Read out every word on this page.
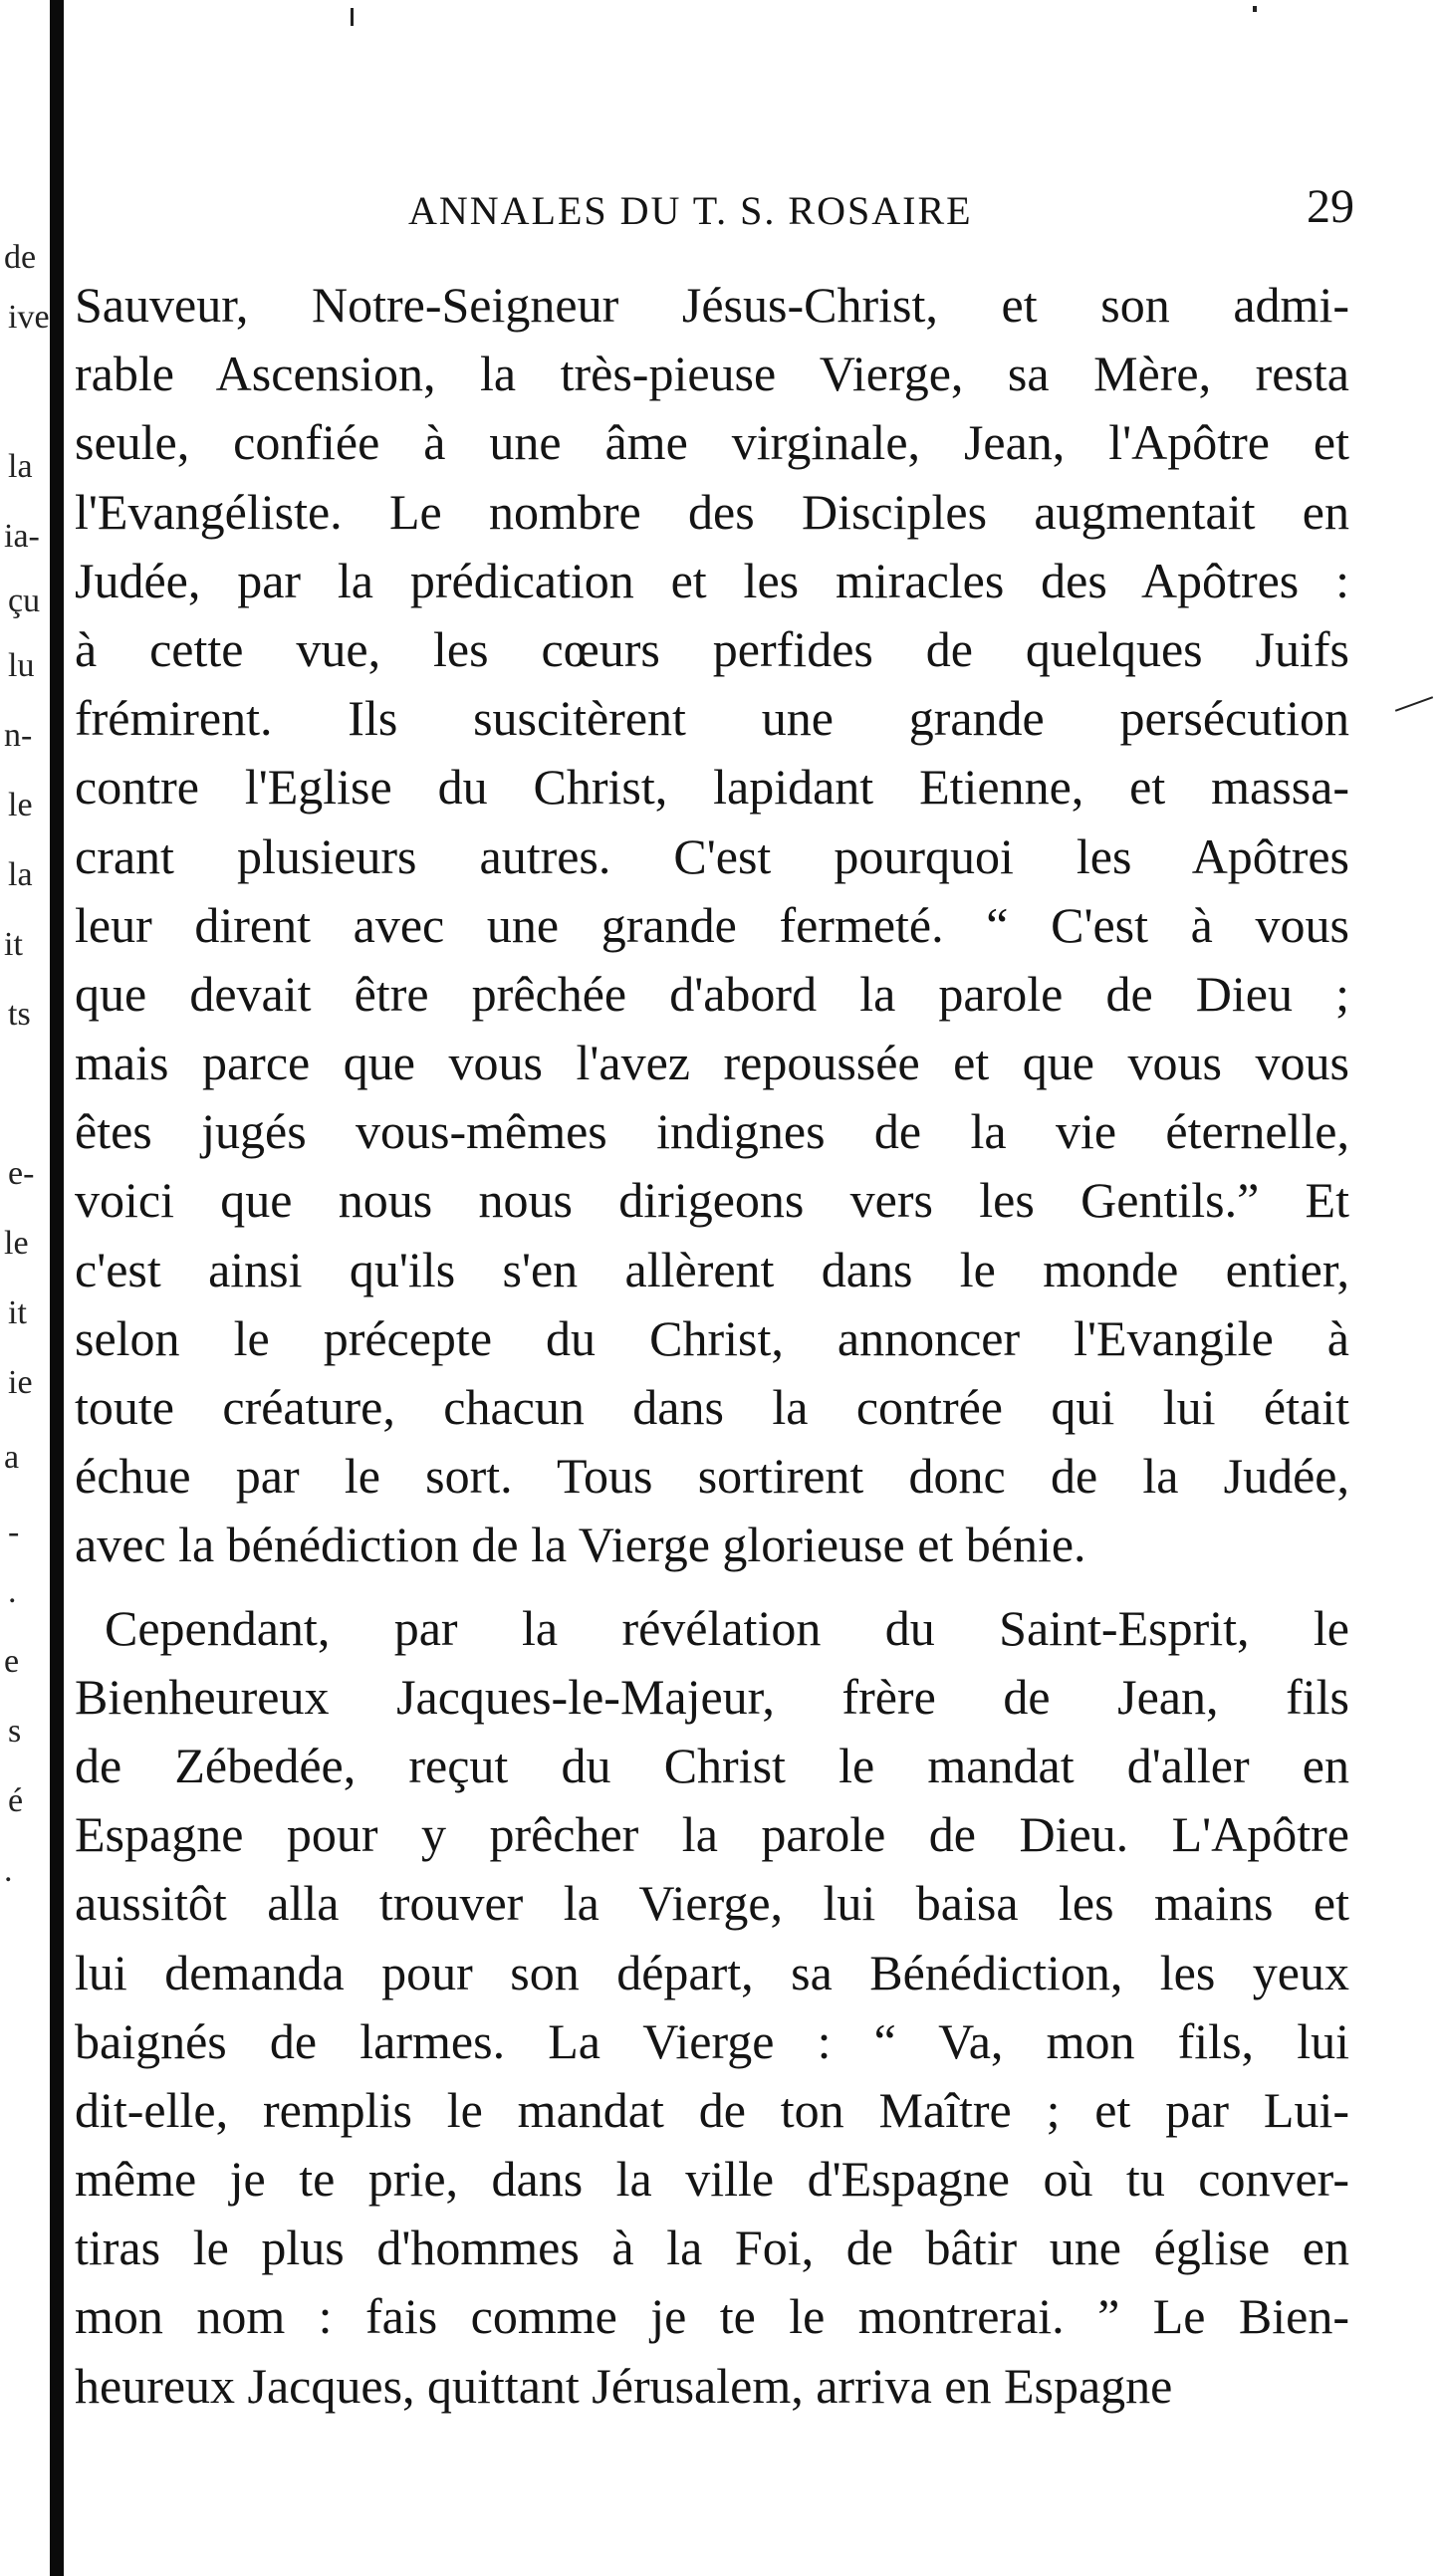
de
ive
la
ia-
çu
lu
n-
le
la
it
ts
e-
le
it
ie
a
-
.
e
s
é
.
ANNALES DU T. S. ROSAIRE	29
Sauveur, Notre-Seigneur Jésus-Christ, et son admi-
rable Ascension, la très-pieuse Vierge, sa Mère, resta
seule, confiée à une âme virginale, Jean, l'Apôtre et
l'Evangéliste. Le nombre des Disciples augmentait en
Judée, par la prédication et les miracles des Apôtres :
à cette vue, les cœurs perfides de quelques Juifs
frémirent. Ils suscitèrent une grande persécution
contre l'Eglise du Christ, lapidant Etienne, et massa-
crant plusieurs autres. C'est pourquoi les Apôtres
leur dirent avec une grande fermeté. “ C'est à vous
que devait être prêchée d'abord la parole de Dieu ;
mais parce que vous l'avez repoussée et que vous vous
êtes jugés vous-mêmes indignes de la vie éternelle,
voici que nous nous dirigeons vers les Gentils.” Et
c'est ainsi qu'ils s'en allèrent dans le monde entier,
selon le précepte du Christ, annoncer l'Evangile à
toute créature, chacun dans la contrée qui lui était
échue par le sort. Tous sortirent donc de la Judée,
avec la bénédiction de la Vierge glorieuse et bénie.
Cependant, par la révélation du Saint-Esprit, le
Bienheureux Jacques-le-Majeur, frère de Jean, fils
de Zébedée, reçut du Christ le mandat d'aller en
Espagne pour y prêcher la parole de Dieu. L'Apôtre
aussitôt alla trouver la Vierge, lui baisa les mains et
lui demanda pour son départ, sa Bénédiction, les yeux
baignés de larmes. La Vierge : “ Va, mon fils, lui
dit-elle, remplis le mandat de ton Maître ; et par Lui-
même je te prie, dans la ville d'Espagne où tu conver-
tiras le plus d'hommes à la Foi, de bâtir une église en
mon nom : fais comme je te le montrerai. ” Le Bien-
heureux Jacques, quittant Jérusalem, arriva en Espagne
